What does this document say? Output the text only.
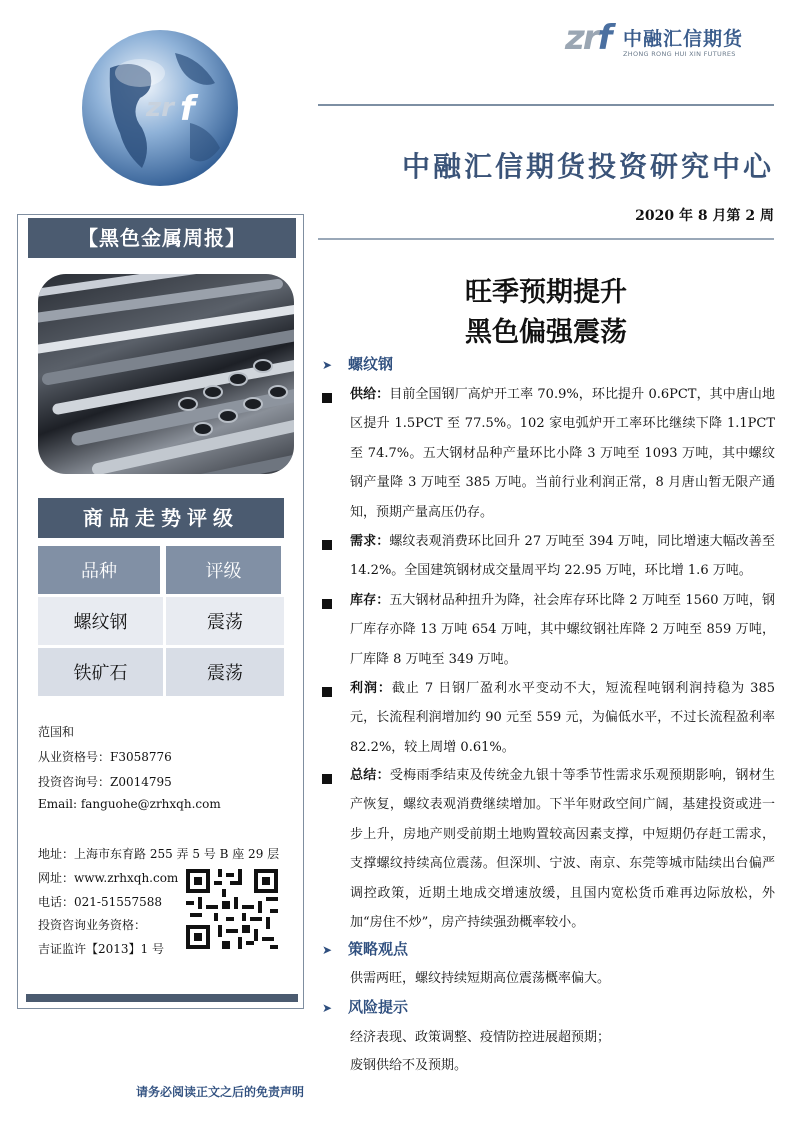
zr f
zrf 中融汇信期货
ZHONG RONG HUI XIN FUTURES
中融汇信期货投资研究中心
2020 年 8 月第 2 周
【黑色金属周报】
商品走势评级
品种	评级
螺纹钢	震荡
铁矿石	震荡
范国和
从业资格号：F3058776
投资咨询号：Z0014795
Email: fanguohe@zrhxqh.com
地址：上海市东育路 255 弄 5 号 B 座 29 层
网址：www.zrhxqh.com
电话：021-51557588
投资咨询业务资格：
吉证监许【2013】1 号
旺季预期提升
黑色偏强震荡
➤ 螺纹钢
供给：目前全国钢厂高炉开工率 70.9%，环比提升 0.6PCT，其中唐山地区提升 1.5PCT 至 77.5%。102 家电弧炉开工率环比继续下降 1.1PCT 至 74.7%。五大钢材品种产量环比小降 3 万吨至 1093 万吨，其中螺纹钢产量降 3 万吨至 385 万吨。当前行业利润正常，8 月唐山暂无限产通知，预期产量高压仍存。
需求：螺纹表观消费环比回升 27 万吨至 394 万吨，同比增速大幅改善至 14.2%。全国建筑钢材成交量周平均 22.95 万吨，环比增 1.6 万吨。
库存：五大钢材品种扭升为降，社会库存环比降 2 万吨至 1560 万吨，钢厂库存亦降 13 万吨 654 万吨，其中螺纹钢社库降 2 万吨至 859 万吨，厂库降 8 万吨至 349 万吨。
利润：截止 7 日钢厂盈利水平变动不大，短流程吨钢利润持稳为 385 元，长流程利润增加约 90 元至 559 元，为偏低水平，不过长流程盈利率 82.2%，较上周增 0.61%。
总结：受梅雨季结束及传统金九银十等季节性需求乐观预期影响，钢材生产恢复，螺纹表观消费继续增加。下半年财政空间广阔，基建投资或进一步上升，房地产则受前期土地购置较高因素支撑，中短期仍存赶工需求，支撑螺纹持续高位震荡。但深圳、宁波、南京、东莞等城市陆续出台偏严调控政策，近期土地成交增速放缓，且国内宽松货币难再边际放松，外加“房住不炒”，房产持续强劲概率较小。
➤ 策略观点
供需两旺，螺纹持续短期高位震荡概率偏大。
➤ 风险提示
经济表现、政策调整、疫情防控进展超预期；
废钢供给不及预期。
请务必阅读正文之后的免责声明
